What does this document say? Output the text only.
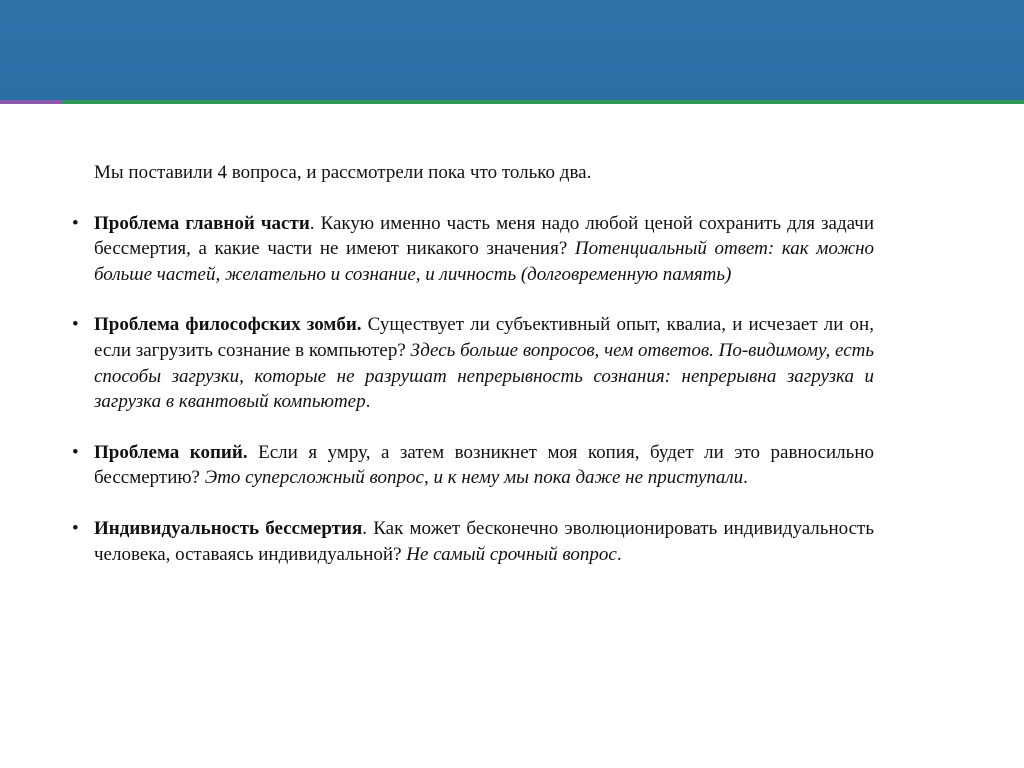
Мы поставили 4 вопроса, и рассмотрели пока что только два.

• Проблема главной части. Какую именно часть меня надо любой ценой сохранить для задачи бессмертия, а какие части не имеют никакого значения? Потенциальный ответ: как можно больше частей, желательно и сознание, и личность (долговременную память)
• Проблема философских зомби. Существует ли субъективный опыт, квалиа, и исчезает ли он, если загрузить сознание в компьютер? Здесь больше вопросов, чем ответов. По-видимому, есть способы загрузки, которые не разрушат непрерывность сознания: непрерывна загрузка и загрузка в квантовый компьютер.
• Проблема копий. Если я умру, а затем возникнет моя копия, будет ли это равносильно бессмертию? Это суперсложный вопрос, и к нему мы пока даже не приступали.
• Индивидуальность бессмертия. Как может бесконечно эволюционировать индивидуальность человека, оставаясь индивидуальной? Не самый срочный вопрос.
